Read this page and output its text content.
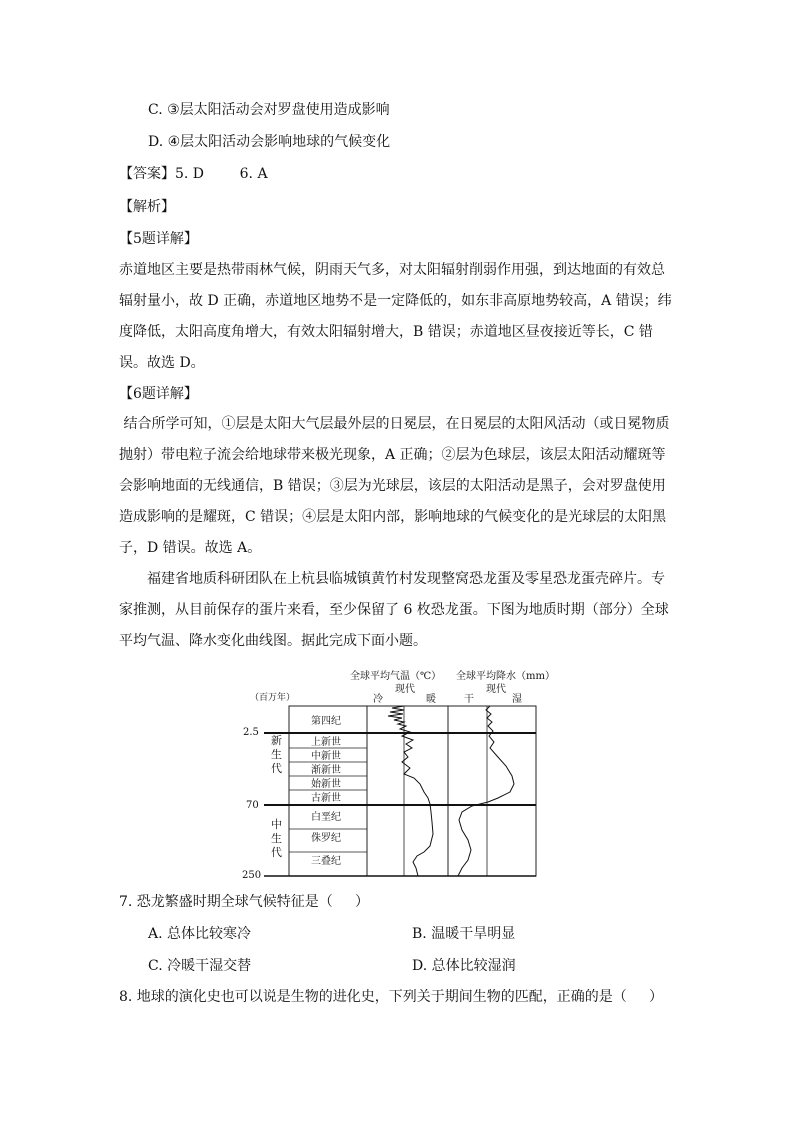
C. ③层太阳活动会对罗盘使用造成影响
D. ④层太阳活动会影响地球的气候变化
【答案】5. D        6. A
【解析】
【5题详解】
赤道地区主要是热带雨林气候，阴雨天气多，对太阳辐射削弱作用强，到达地面的有效总
辐射量小，故 D 正确，赤道地区地势不是一定降低的，如东非高原地势较高，A 错误；纬
度降低，太阳高度角增大，有效太阳辐射增大，B 错误；赤道地区昼夜接近等长，C 错
误。故选 D。
【6题详解】
结合所学可知，①层是太阳大气层最外层的日冕层，在日冕层的太阳风活动（或日冕物质
抛射）带电粒子流会给地球带来极光现象，A 正确；②层为色球层，该层太阳活动耀斑等
会影响地面的无线通信，B 错误；③层为光球层，该层的太阳活动是黑子，会对罗盘使用
造成影响的是耀斑，C 错误；④层是太阳内部，影响地球的气候变化的是光球层的太阳黑
子，D 错误。故选 A。
福建省地质科研团队在上杭县临城镇黄竹村发现整窝恐龙蛋及零星恐龙蛋壳碎片。专
家推测，从目前保存的蛋片来看，至少保留了 6 枚恐龙蛋。下图为地质时期（部分）全球
平均气温、降水变化曲线图。据此完成下面小题。
全球平均气温（℃） 全球平均降水（mm）
现代	现代
冷	暖	干	湿
（百万年）
2.5
70
250
新
生
代
中
生
代
第四纪
上新世
中新世
渐新世
始新世
古新世
白垩纪
侏罗纪
三叠纪
7. 恐龙繁盛时期全球气候特征是（     ）
A. 总体比较寒冷	B. 温暖干旱明显
C. 冷暖干湿交替	D. 总体比较湿润
8. 地球的演化史也可以说是生物的进化史，下列关于期间生物的匹配，正确的是（     ）
